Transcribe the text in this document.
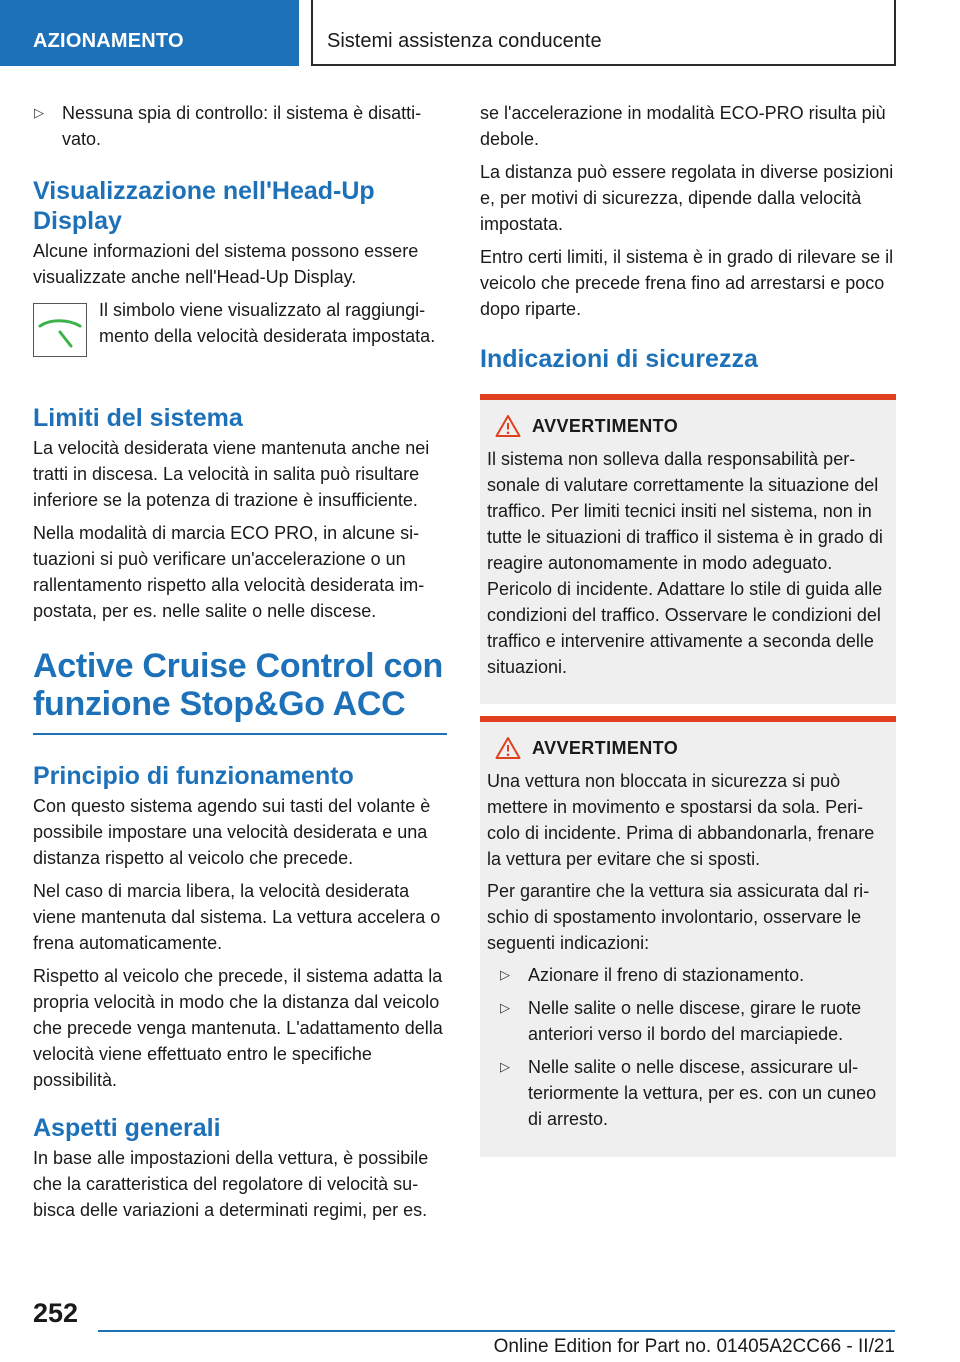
AZIONAMENTO	Sistemi assistenza conducente
▷ Nessuna spia di controllo: il sistema è disattivato.
Visualizzazione nell'Head-Up Display

Alcune informazioni del sistema possono essere visualizzate anche nell'Head-Up Display.

Il simbolo viene visualizzato al raggiungimento della velocità desiderata impostata.
Limiti del sistema

La velocità desiderata viene mantenuta anche nei tratti in discesa. La velocità in salita può risultare inferiore se la potenza di trazione è insufficiente.

Nella modalità di marcia ECO PRO, in alcune situazioni si può verificare un'accelerazione o un rallentamento rispetto alla velocità desiderata impostata, per es. nelle salite o nelle discese.

Active Cruise Control con funzione Stop&Go ACC
Principio di funzionamento

Con questo sistema agendo sui tasti del volante è possibile impostare una velocità desiderata e una distanza rispetto al veicolo che precede.

Nel caso di marcia libera, la velocità desiderata viene mantenuta dal sistema. La vettura accelera o frena automaticamente.

Rispetto al veicolo che precede, il sistema adatta la propria velocità in modo che la distanza dal veicolo che precede venga mantenuta. L'adattamento della velocità viene effettuato entro le specifiche possibilità.

Aspetti generali

In base alle impostazioni della vettura, è possibile che la caratteristica del regolatore di velocità subisca delle variazioni a determinati regimi, per es.

se l'accelerazione in modalità ECO-PRO risulta più debole.

La distanza può essere regolata in diverse posizioni e, per motivi di sicurezza, dipende dalla velocità impostata.

Entro certi limiti, il sistema è in grado di rilevare se il veicolo che precede frena fino ad arrestarsi e poco dopo riparte.

Indicazioni di sicurezza
AVVERTIMENTO

Il sistema non solleva dalla responsabilità personale di valutare correttamente la situazione del traffico. Per limiti tecnici insiti nel sistema, non in tutte le situazioni di traffico il sistema è in grado di reagire autonomamente in modo adeguato. Pericolo di incidente. Adattare lo stile di guida alle condizioni del traffico. Osservare le condizioni del traffico e intervenire attivamente a seconda delle situazioni.

AVVERTIMENTO

Una vettura non bloccata in sicurezza si può mettere in movimento e spostarsi da sola. Pericolo di incidente. Prima di abbandonarla, frenare la vettura per evitare che si sposti.

Per garantire che la vettura sia assicurata dal rischio di spostamento involontario, osservare le seguenti indicazioni:

▷ Azionare il freno di stazionamento.
▷ Nelle salite o nelle discese, girare le ruote anteriori verso il bordo del marciapiede.
▷ Nelle salite o nelle discese, assicurare ulteriormente la vettura, per es. con un cuneo di arresto.
252
Online Edition for Part no. 01405A2CC66 - II/21
